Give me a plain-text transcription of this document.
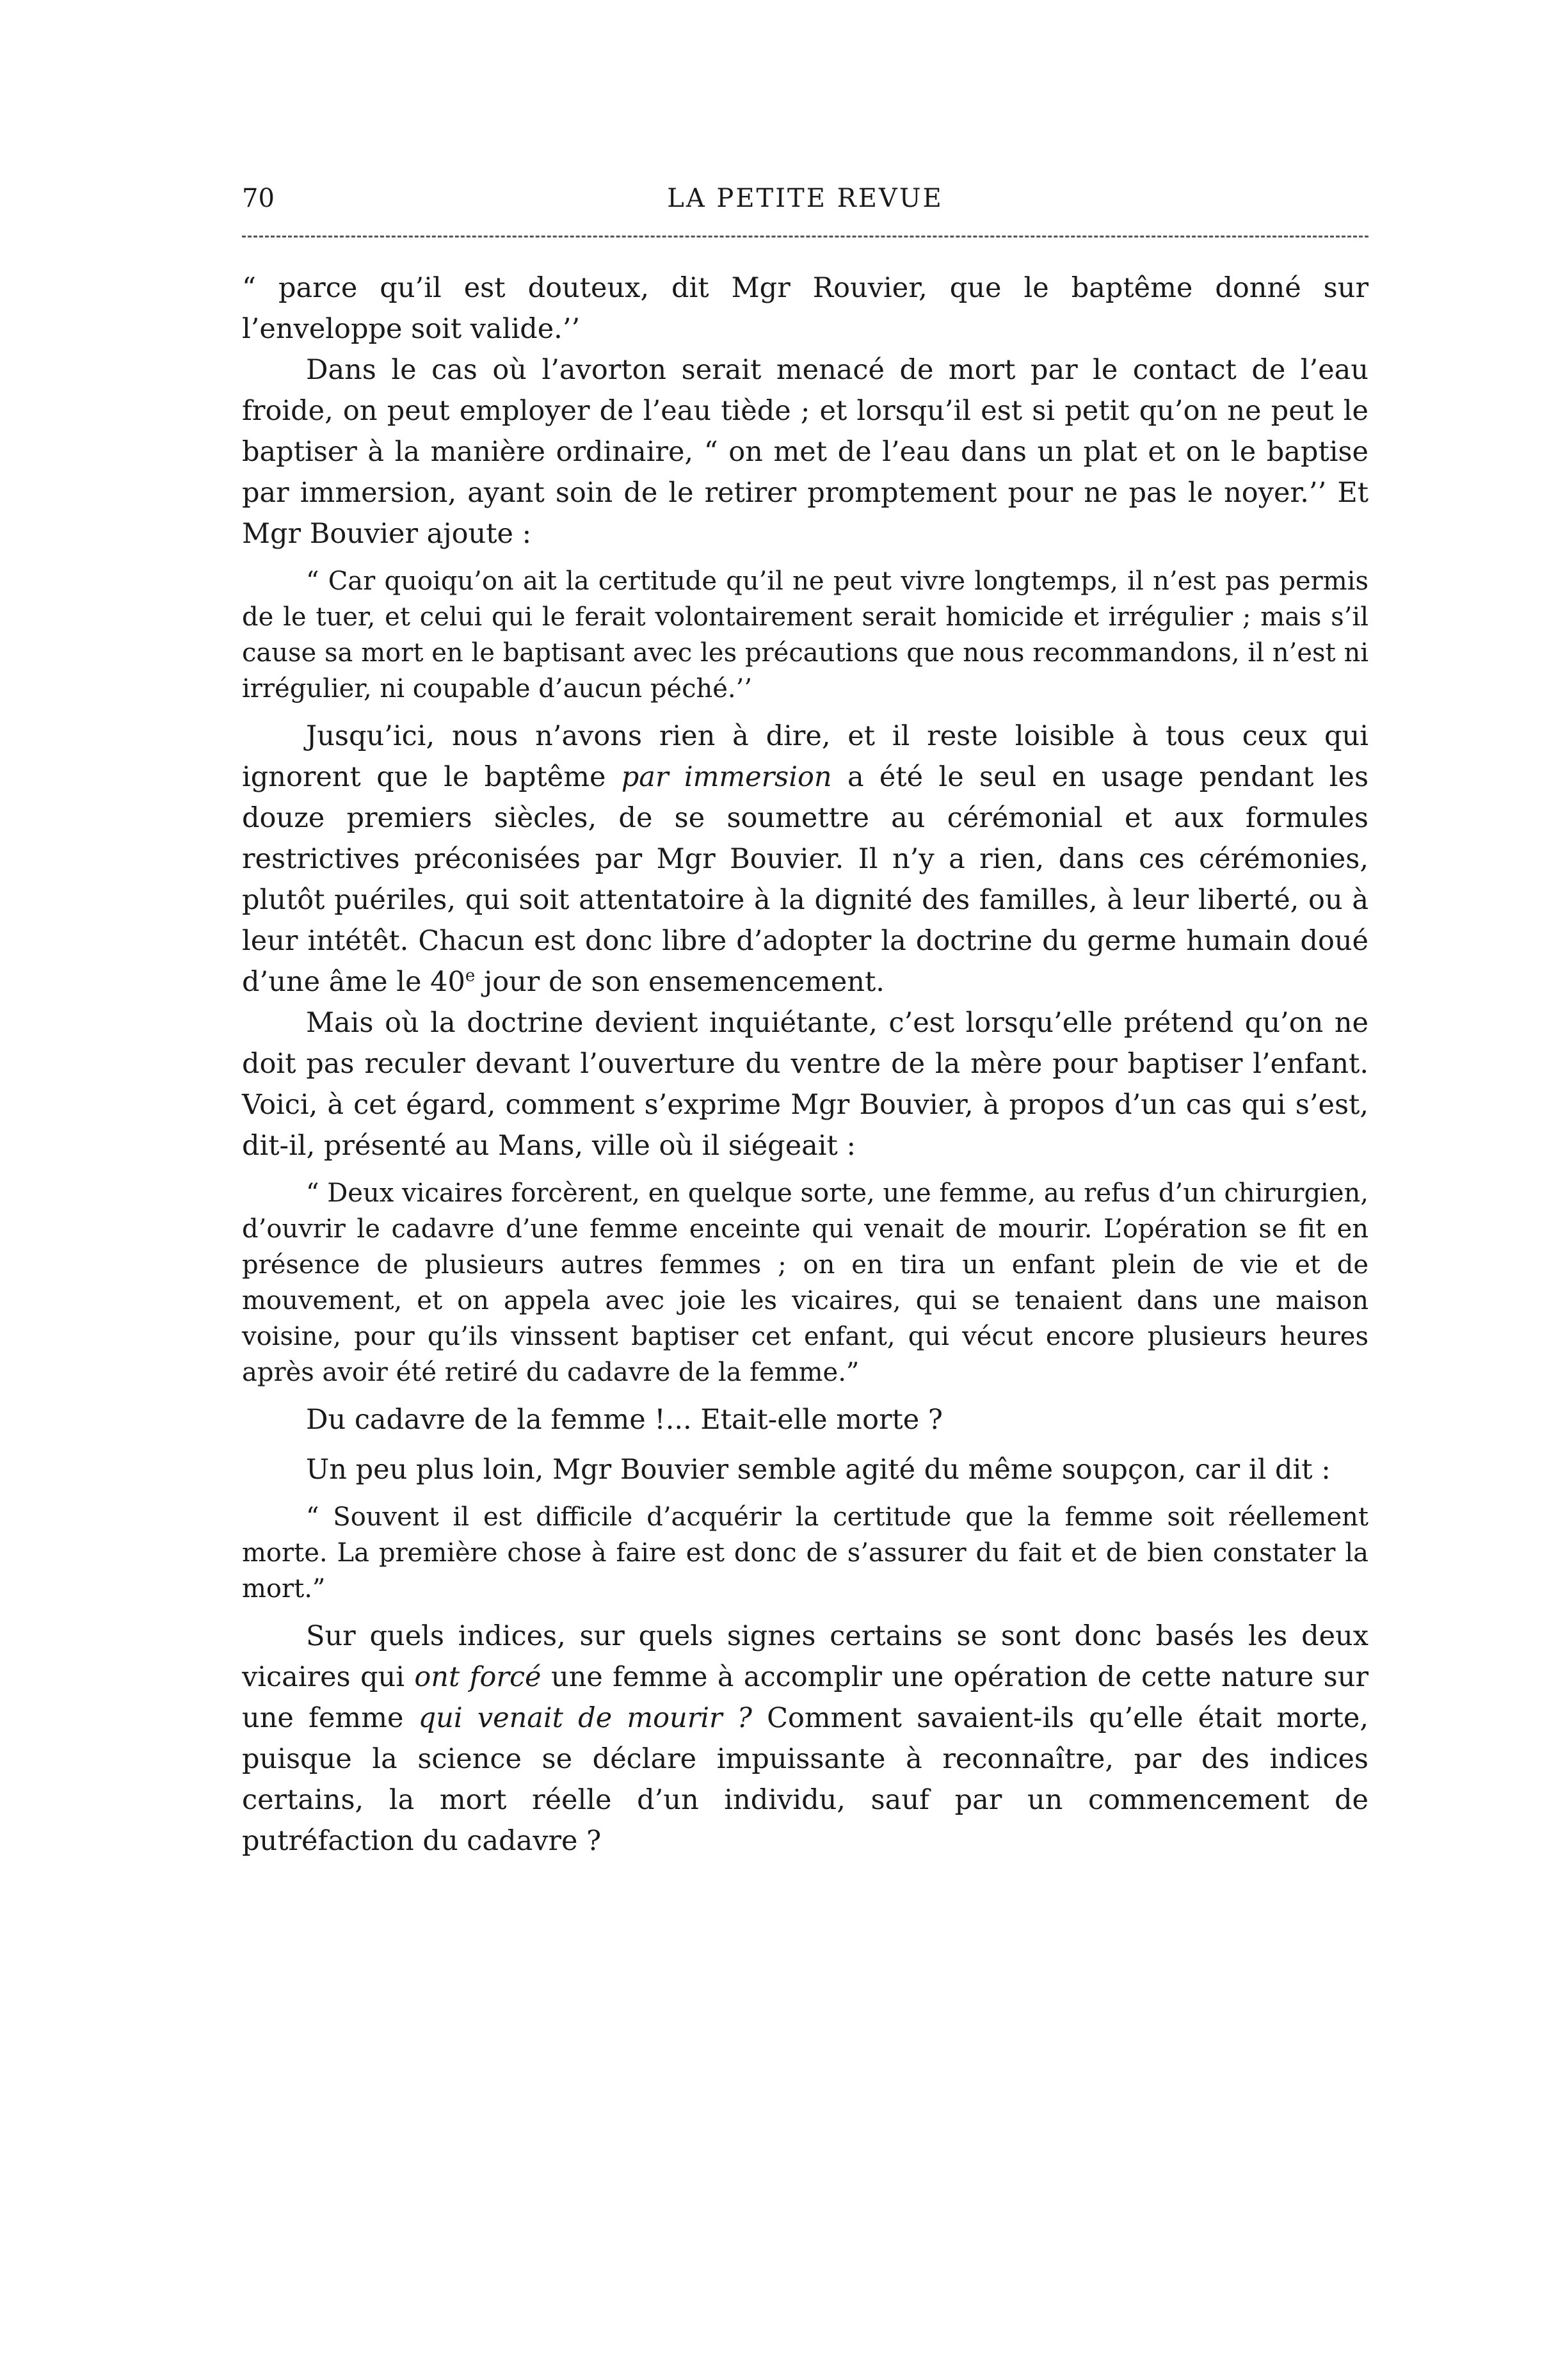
70	LA PETITE REVUE

“ parce qu’il est douteux, dit Mgr Rouvier, que le baptême donné sur l’enveloppe soit valide.’’

Dans le cas où l’avorton serait menacé de mort par le contact de l’eau froide, on peut employer de l’eau tiède ; et lorsqu’il est si petit qu’on ne peut le baptiser à la manière ordinaire, “ on met de l’eau dans un plat et on le baptise par immersion, ayant soin de le retirer promptement pour ne pas le noyer.’’ Et Mgr Bouvier ajoute :

“ Car quoiqu’on ait la certitude qu’il ne peut vivre longtemps, il n’est pas permis de le tuer, et celui qui le ferait volontairement serait homicide et irrégulier ; mais s’il cause sa mort en le baptisant avec les précautions que nous recommandons, il n’est ni irrégulier, ni coupable d’aucun péché.’’

Jusqu’ici, nous n’avons rien à dire, et il reste loisible à tous ceux qui ignorent que le baptême par immersion a été le seul en usage pendant les douze premiers siècles, de se soumettre au cérémonial et aux formules restrictives préconisées par Mgr Bouvier. Il n’y a rien, dans ces cérémonies, plutôt puériles, qui soit attentatoire à la dignité des familles, à leur liberté, ou à leur intétêt. Chacun est donc libre d’adopter la doctrine du germe humain doué d’une âme le 40e jour de son ensemencement.

Mais où la doctrine devient inquiétante, c’est lorsqu’elle prétend qu’on ne doit pas reculer devant l’ouverture du ventre de la mère pour baptiser l’enfant. Voici, à cet égard, comment s’exprime Mgr Bouvier, à propos d’un cas qui s’est, dit-il, présenté au Mans, ville où il siégeait :

“ Deux vicaires forcèrent, en quelque sorte, une femme, au refus d’un chirurgien, d’ouvrir le cadavre d’une femme enceinte qui venait de mourir. L’opération se fit en présence de plusieurs autres femmes ; on en tira un enfant plein de vie et de mouvement, et on appela avec joie les vicaires, qui se tenaient dans une maison voisine, pour qu’ils vinssent baptiser cet enfant, qui vécut encore plusieurs heures après avoir été retiré du cadavre de la femme.”

Du cadavre de la femme !... Etait-elle morte ?

Un peu plus loin, Mgr Bouvier semble agité du même soupçon, car il dit :

“ Souvent il est difficile d’acquérir la certitude que la femme soit réellement morte. La première chose à faire est donc de s’assurer du fait et de bien constater la mort.”

Sur quels indices, sur quels signes certains se sont donc basés les deux vicaires qui ont forcé une femme à accomplir une opération de cette nature sur une femme qui venait de mourir ? Comment savaient-ils qu’elle était morte, puisque la science se déclare impuissante à reconnaître, par des indices certains, la mort réelle d’un individu, sauf par un commencement de putréfaction du cadavre ?
